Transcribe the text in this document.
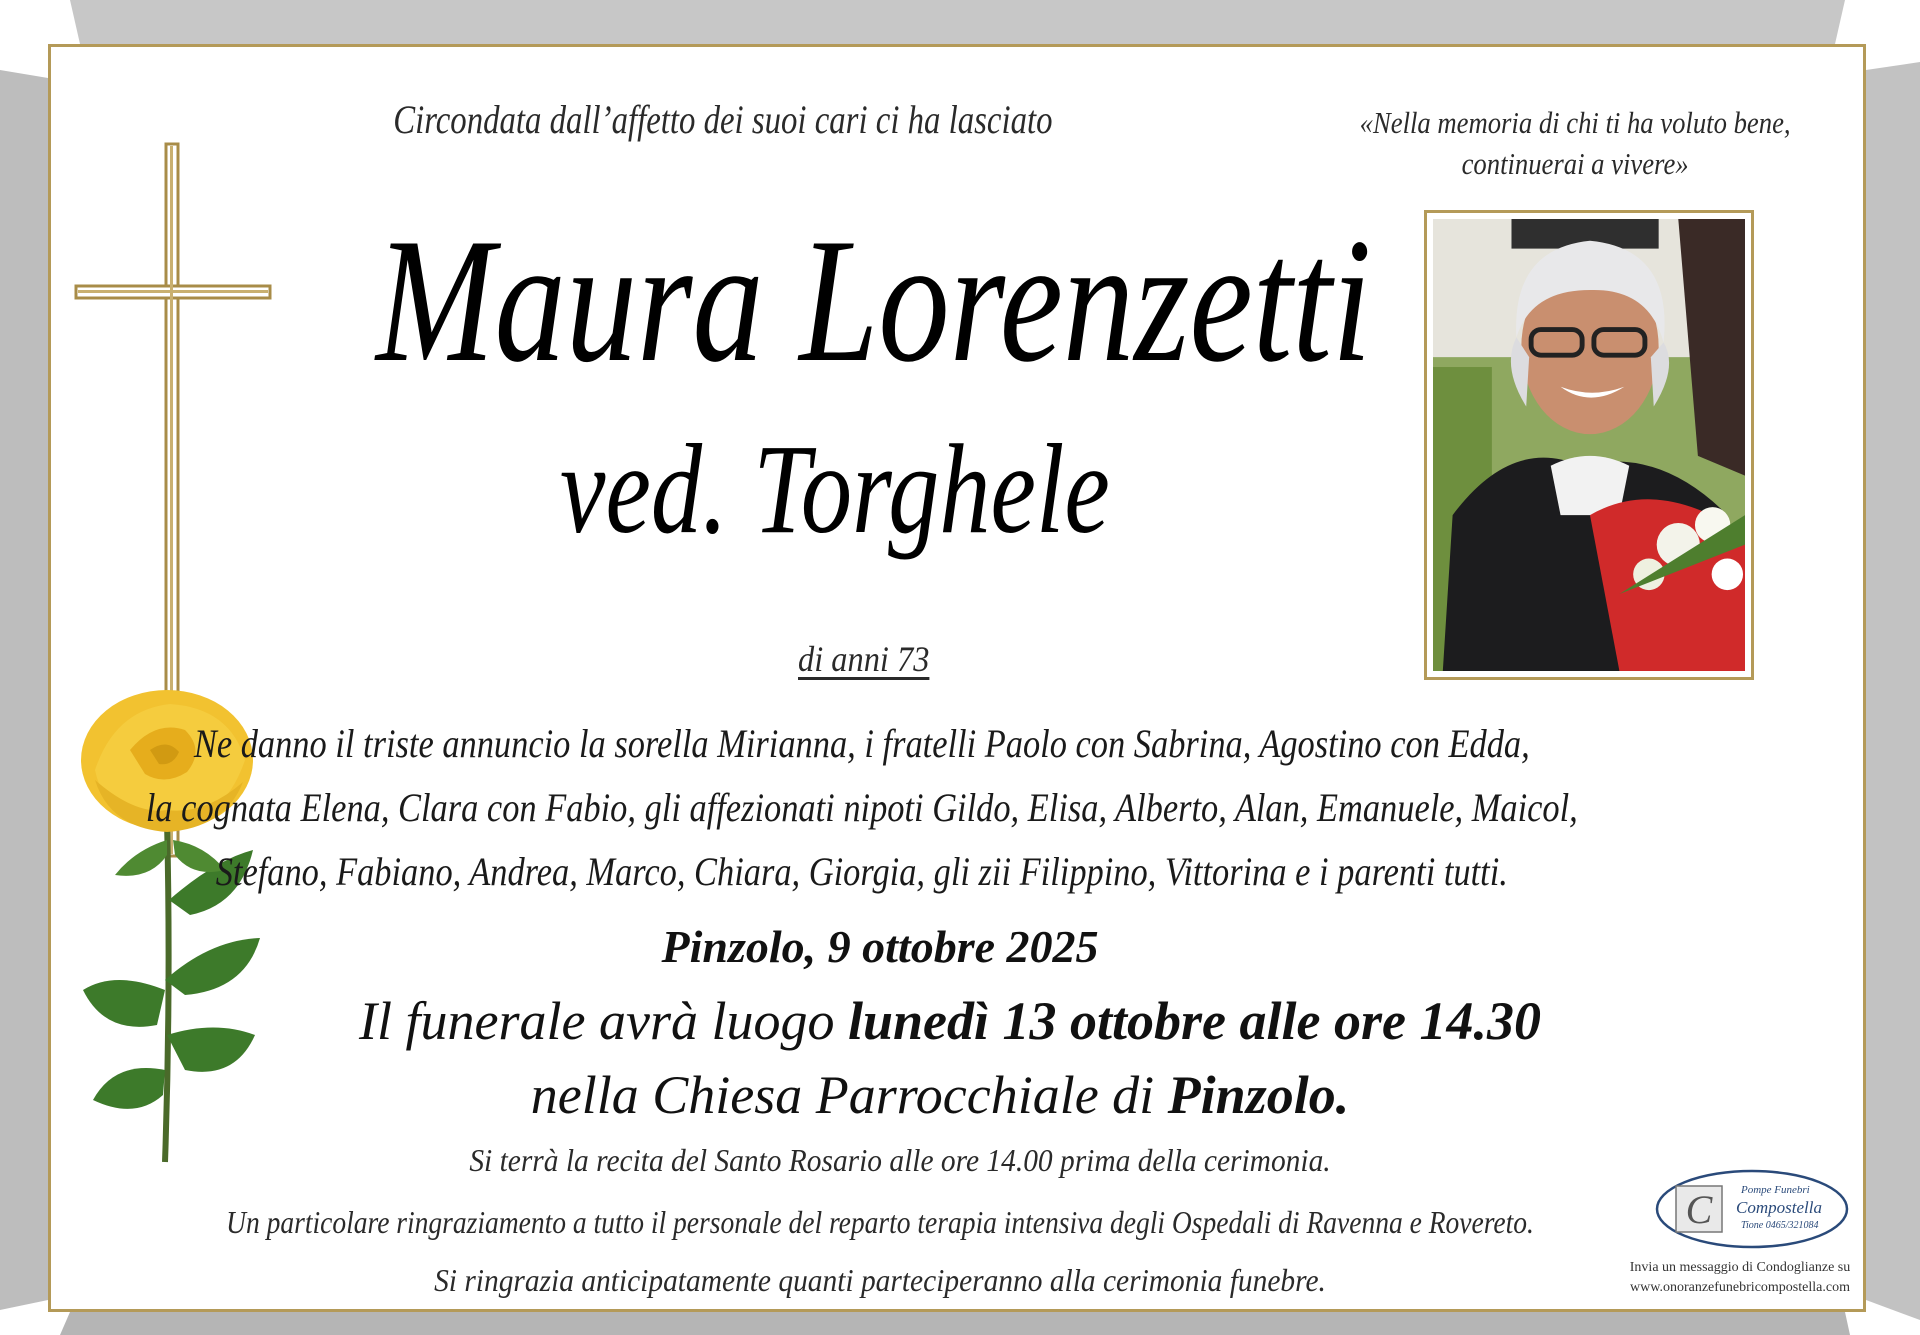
Circondata dall’affetto dei suoi cari ci ha lasciato	«Nella memoria di chi ti ha voluto bene,
continuerai a vivere»
Maura Lorenzetti
ved. Torghele
di anni 73
Ne danno il triste annuncio la sorella Mirianna, i fratelli Paolo con Sabrina, Agostino con Edda,
la cognata Elena, Clara con Fabio, gli affezionati nipoti Gildo, Elisa, Alberto, Alan, Emanuele, Maicol,
Stefano, Fabiano, Andrea, Marco, Chiara, Giorgia, gli zii Filippino, Vittorina e i parenti tutti.
Pinzolo, 9 ottobre 2025
Il funerale avrà luogo lunedì 13 ottobre alle ore 14.30
nella Chiesa Parrocchiale di Pinzolo.
Si terrà la recita del Santo Rosario alle ore 14.00 prima della cerimonia.
Un particolare ringraziamento a tutto il personale del reparto terapia intensiva degli Ospedali di Ravenna e Rovereto.
Si ringrazia anticipatamente quanti parteciperanno alla cerimonia funebre.
C	Pompe Funebri
Compostella
Tione 0465/321084
Invia un messaggio di Condoglianze su
www.onoranzefunebricompostella.com
